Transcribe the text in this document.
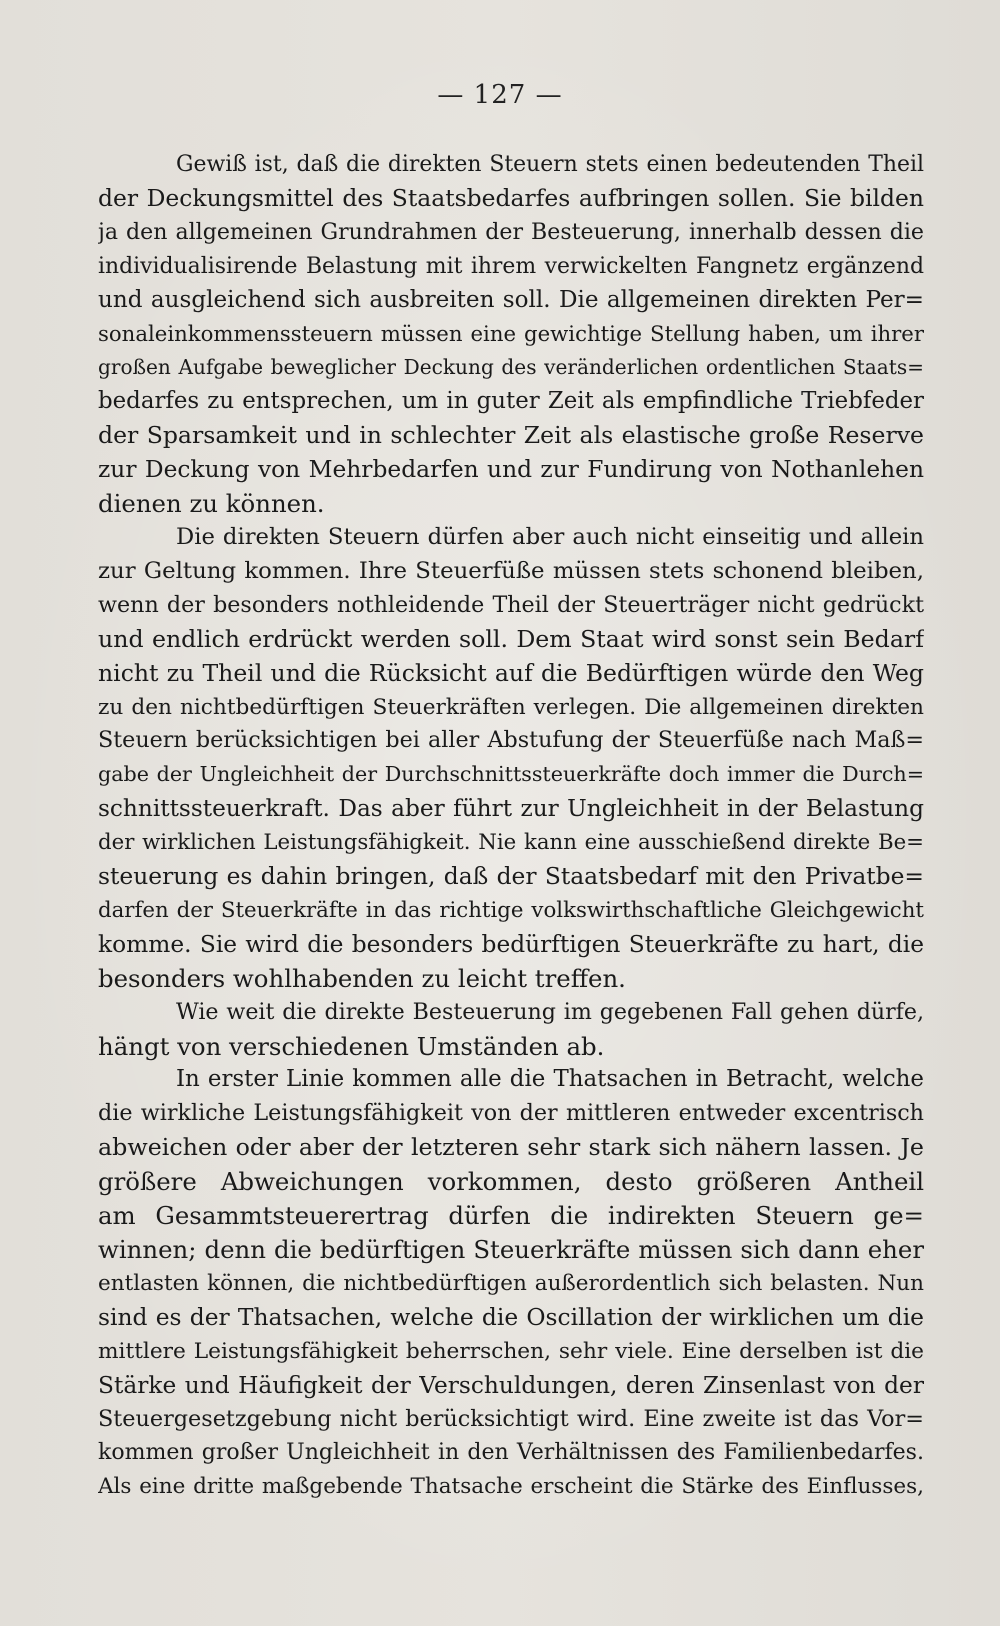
— 127 —

Gewiß ist, daß die direkten Steuern stets einen bedeutenden Theil
der Deckungsmittel des Staatsbedarfes aufbringen sollen. Sie bilden
ja den allgemeinen Grundrahmen der Besteuerung, innerhalb dessen die
individualisirende Belastung mit ihrem verwickelten Fangnetz ergänzend
und ausgleichend sich ausbreiten soll. Die allgemeinen direkten Per=
sonaleinkommenssteuern müssen eine gewichtige Stellung haben, um ihrer
großen Aufgabe beweglicher Deckung des veränderlichen ordentlichen Staats=
bedarfes zu entsprechen, um in guter Zeit als empfindliche Triebfeder
der Sparsamkeit und in schlechter Zeit als elastische große Reserve
zur Deckung von Mehrbedarfen und zur Fundirung von Nothanlehen
dienen zu können.

Die direkten Steuern dürfen aber auch nicht einseitig und allein
zur Geltung kommen. Ihre Steuerfüße müssen stets schonend bleiben,
wenn der besonders nothleidende Theil der Steuerträger nicht gedrückt
und endlich erdrückt werden soll. Dem Staat wird sonst sein Bedarf
nicht zu Theil und die Rücksicht auf die Bedürftigen würde den Weg
zu den nichtbedürftigen Steuerkräften verlegen. Die allgemeinen direkten
Steuern berücksichtigen bei aller Abstufung der Steuerfüße nach Maß=
gabe der Ungleichheit der Durchschnittssteuerkräfte doch immer die Durch=
schnittssteuerkraft. Das aber führt zur Ungleichheit in der Belastung
der wirklichen Leistungsfähigkeit. Nie kann eine ausschießend direkte Be=
steuerung es dahin bringen, daß der Staatsbedarf mit den Privatbe=
darfen der Steuerkräfte in das richtige volkswirthschaftliche Gleichgewicht
komme. Sie wird die besonders bedürftigen Steuerkräfte zu hart, die
besonders wohlhabenden zu leicht treffen.

Wie weit die direkte Besteuerung im gegebenen Fall gehen dürfe,
hängt von verschiedenen Umständen ab.

In erster Linie kommen alle die Thatsachen in Betracht, welche
die wirkliche Leistungsfähigkeit von der mittleren entweder excentrisch
abweichen oder aber der letzteren sehr stark sich nähern lassen. Je
größere Abweichungen vorkommen, desto größeren Antheil
am Gesammtsteuerertrag dürfen die indirekten Steuern ge=
winnen; denn die bedürftigen Steuerkräfte müssen sich dann eher
entlasten können, die nichtbedürftigen außerordentlich sich belasten. Nun
sind es der Thatsachen, welche die Oscillation der wirklichen um die
mittlere Leistungsfähigkeit beherrschen, sehr viele. Eine derselben ist die
Stärke und Häufigkeit der Verschuldungen, deren Zinsenlast von der
Steuergesetzgebung nicht berücksichtigt wird. Eine zweite ist das Vor=
kommen großer Ungleichheit in den Verhältnissen des Familienbedarfes.
Als eine dritte maßgebende Thatsache erscheint die Stärke des Einflusses,
